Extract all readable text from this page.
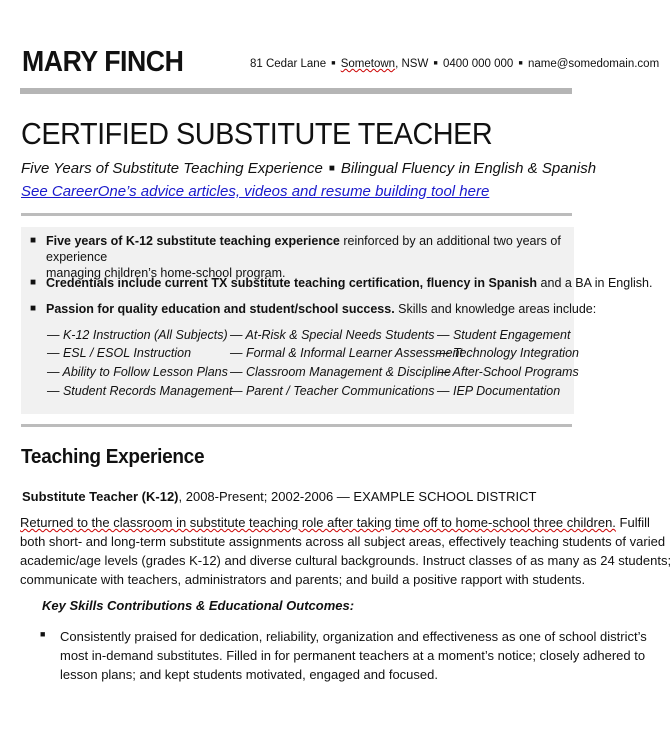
MARY FINCH	81 Cedar Lane ■ Sometown, NSW ■ 0400 000 000 ■ name@somedomain.com
CERTIFIED SUBSTITUTE TEACHER
Five Years of Substitute Teaching Experience ■ Bilingual Fluency in English & Spanish
See CareerOne’s advice articles, videos and resume building tool here
■ Five years of K-12 substitute teaching experience reinforced by an additional two years of experience
managing children’s home-school program.
■ Credentials include current TX substitute teaching certification, fluency in Spanish and a BA in English.
■ Passion for quality education and student/school success. Skills and knowledge areas include:
— K-12 Instruction (All Subjects) — At-Risk & Special Needs Students — Student Engagement
— ESL / ESOL Instruction	— Formal & Informal Learner Assessment
— Technology Integration
— Ability to Follow Lesson Plans — Classroom Management & Discipline
— After-School Programs
— Student Records Management
— Parent / Teacher Communications — IEP Documentation
Teaching Experience
Substitute Teacher (K-12), 2008-Present; 2002-2006 — EXAMPLE SCHOOL DISTRICT
Returned to the classroom in substitute teaching role after taking time off to home-school three children. Fulfill
both short- and long-term substitute assignments across all subject areas, effectively teaching students of varied
academic/age levels (grades K-12) and diverse cultural backgrounds. Instruct classes of as many as 24 students;
communicate with teachers, administrators and parents; and build a positive rapport with students.
Key Skills Contributions & Educational Outcomes:
■ Consistently praised for dedication, reliability, organization and effectiveness as one of school district’s
most in-demand substitutes. Filled in for permanent teachers at a moment’s notice; closely adhered to
lesson plans; and kept students motivated, engaged and focused.
